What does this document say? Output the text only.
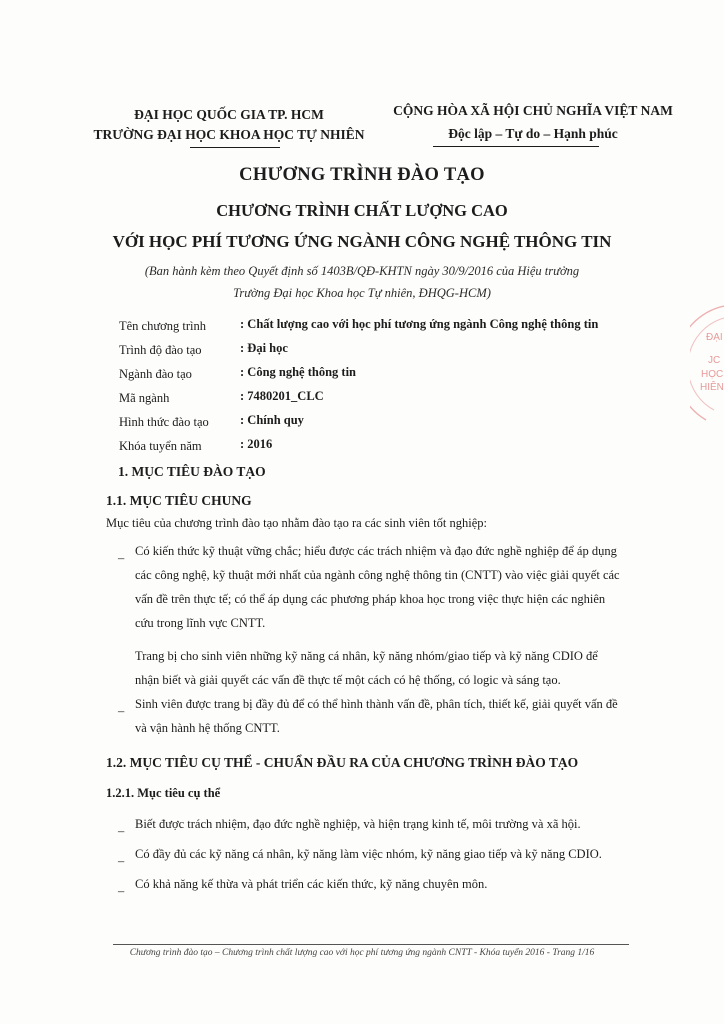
ĐẠI HỌC QUỐC GIA TP. HCM
TRƯỜNG ĐẠI HỌC KHOA HỌC TỰ NHIÊN
CỘNG HÒA XÃ HỘI CHỦ NGHĨA VIỆT NAM
Độc lập – Tự do – Hạnh phúc
CHƯƠNG TRÌNH ĐÀO TẠO
CHƯƠNG TRÌNH CHẤT LƯỢNG CAO
VỚI HỌC PHÍ TƯƠNG ỨNG NGÀNH CÔNG NGHỆ THÔNG TIN
(Ban hành kèm theo Quyết định số 1403B/QĐ-KHTN ngày 30/9/2016 của Hiệu trưởng
Trường Đại học Khoa học Tự nhiên, ĐHQG-HCM)
Tên chương trình	: Chất lượng cao với học phí tương ứng ngành Công nghệ thông tin
Trình độ đào tạo	: Đại học
Ngành đào tạo	: Công nghệ thông tin
Mã ngành	: 7480201_CLC
Hình thức đào tạo	: Chính quy
Khóa tuyển năm	: 2016
1. MỤC TIÊU ĐÀO TẠO
1.1. MỤC TIÊU CHUNG
Mục tiêu của chương trình đào tạo nhằm đào tạo ra các sinh viên tốt nghiệp:
– Có kiến thức kỹ thuật vững chắc; hiểu được các trách nhiệm và đạo đức nghề nghiệp để áp dụng
các công nghệ, kỹ thuật mới nhất của ngành công nghệ thông tin (CNTT) vào việc giải quyết các
vấn đề trên thực tế; có thể áp dụng các phương pháp khoa học trong việc thực hiện các nghiên
cứu trong lĩnh vực CNTT.
Trang bị cho sinh viên những kỹ năng cá nhân, kỹ năng nhóm/giao tiếp và kỹ năng CDIO để
nhận biết và giải quyết các vấn đề thực tế một cách có hệ thống, có logic và sáng tạo.
– Sinh viên được trang bị đầy đủ để có thể hình thành vấn đề, phân tích, thiết kế, giải quyết vấn đề
và vận hành hệ thống CNTT.
1.2. MỤC TIÊU CỤ THỂ - CHUẨN ĐẦU RA CỦA CHƯƠNG TRÌNH ĐÀO TẠO
1.2.1. Mục tiêu cụ thể
– Biết được trách nhiệm, đạo đức nghề nghiệp, và hiện trạng kinh tế, môi trường và xã hội.
– Có đầy đủ các kỹ năng cá nhân, kỹ năng làm việc nhóm, kỹ năng giao tiếp và kỹ năng CDIO.
– Có khả năng kế thừa và phát triển các kiến thức, kỹ năng chuyên môn.
Chương trình đào tạo – Chương trình chất lượng cao với học phí tương ứng ngành CNTT - Khóa tuyển 2016 - Trang 1/16
ĐẠI
JC
HỌC
HIÊN
